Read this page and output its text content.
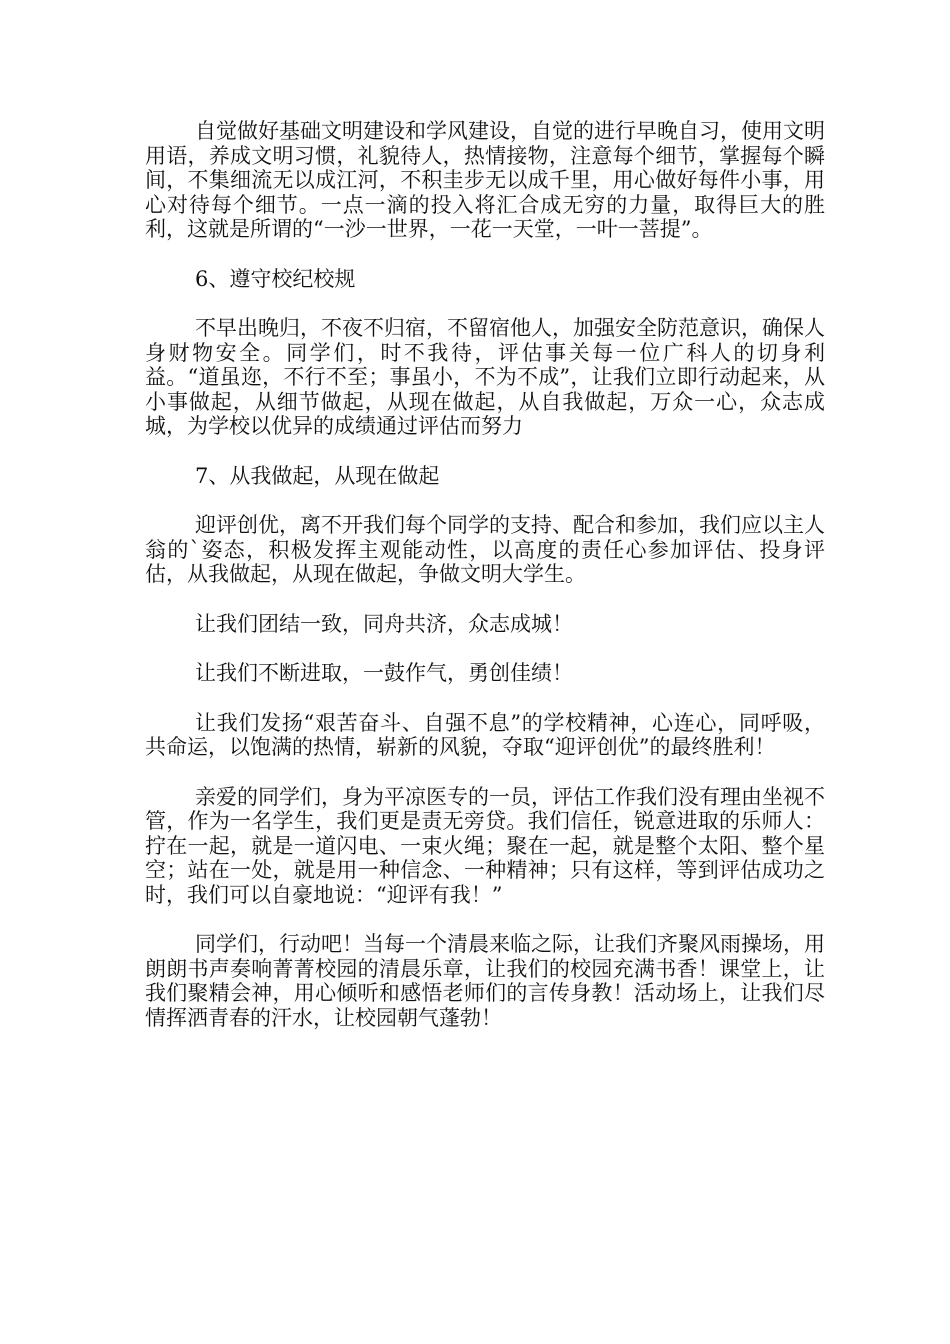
自觉做好基础文明建设和学风建设，自觉的进行早晚自习，使用文明用语，养成文明习惯，礼貌待人，热情接物，注意每个细节，掌握每个瞬间，不集细流无以成江河，不积圭步无以成千里，用心做好每件小事，用心对待每个细节。一点一滴的投入将汇合成无穷的力量，取得巨大的胜利，这就是所谓的“一沙一世界，一花一天堂，一叶一菩提”。

6、遵守校纪校规

不早出晚归，不夜不归宿，不留宿他人，加强安全防范意识，确保人身财物安全。同学们，时不我待，评估事关每一位广科人的切身利益。“道虽迩，不行不至；事虽小，不为不成”，让我们立即行动起来，从小事做起，从细节做起，从现在做起，从自我做起，万众一心，众志成城，为学校以优异的成绩通过评估而努力

7、从我做起，从现在做起

迎评创优，离不开我们每个同学的支持、配合和参加，我们应以主人翁的`姿态，积极发挥主观能动性，以高度的责任心参加评估、投身评估，从我做起，从现在做起，争做文明大学生。

让我们团结一致，同舟共济，众志成城！

让我们不断进取，一鼓作气，勇创佳绩！

让我们发扬“艰苦奋斗、自强不息”的学校精神，心连心，同呼吸，共命运，以饱满的热情，崭新的风貌，夺取“迎评创优”的最终胜利！

亲爱的同学们，身为平凉医专的一员，评估工作我们没有理由坐视不管，作为一名学生，我们更是责无旁贷。我们信任，锐意进取的乐师人：拧在一起，就是一道闪电、一束火绳；聚在一起，就是整个太阳、整个星空；站在一处，就是用一种信念、一种精神；只有这样，等到评估成功之时，我们可以自豪地说：“迎评有我！”

同学们，行动吧！当每一个清晨来临之际，让我们齐聚风雨操场，用朗朗书声奏响菁菁校园的清晨乐章，让我们的校园充满书香！课堂上，让我们聚精会神，用心倾听和感悟老师们的言传身教！活动场上，让我们尽情挥洒青春的汗水，让校园朝气蓬勃！
